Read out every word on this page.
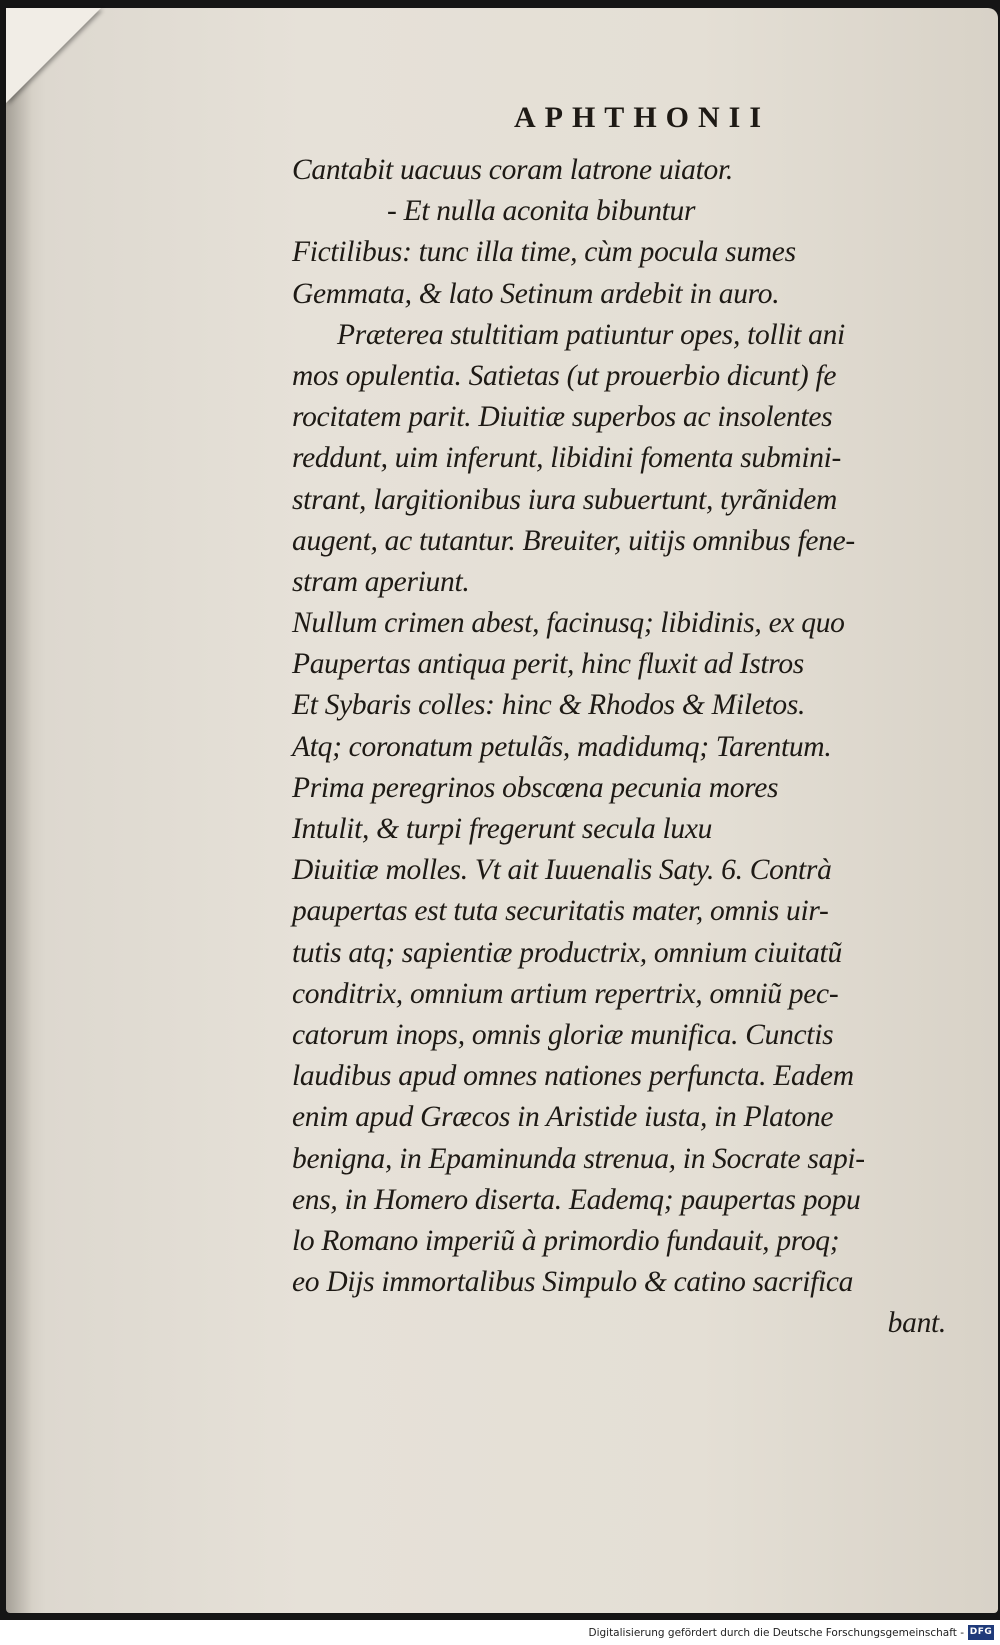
APHTHONII
Cantabit uacuus coram latrone uiator.
- Et nulla aconita bibuntur
Fictilibus: tunc illa time, cùm pocula sumes
Gemmata, & lato Setinum ardebit in auro.
Præterea stultitiam patiuntur opes, tollit ani
mos opulentia. Satietas (ut prouerbio dicunt) fe
rocitatem parit. Diuitiæ superbos ac insolentes
reddunt, uim inferunt, libidini fomenta submini-
strant, largitionibus iura subuertunt, tyrãnidem
augent, ac tutantur. Breuiter, uitijs omnibus fene-
stram aperiunt.
Nullum crimen abest, facinusq; libidinis, ex quo
Paupertas antiqua perit, hinc fluxit ad Istros
Et Sybaris colles: hinc & Rhodos & Miletos.
Atq; coronatum petulãs, madidumq; Tarentum.
Prima peregrinos obscœna pecunia mores
Intulit, & turpi fregerunt secula luxu
Diuitiæ molles. Vt ait Iuuenalis Saty. 6. Contrà
paupertas est tuta securitatis mater, omnis uir-
tutis atq; sapientiæ productrix, omnium ciuitatũ
conditrix, omnium artium repertrix, omniũ pec-
catorum inops, omnis gloriæ munifica. Cunctis
laudibus apud omnes nationes perfuncta. Eadem
enim apud Græcos in Aristide iusta, in Platone
benigna, in Epaminunda strenua, in Socrate sapi-
ens, in Homero diserta. Eademq; paupertas popu
lo Romano imperiũ à primordio fundauit, proq;
eo Dijs immortalibus Simpulo & catino sacrifica
bant.
Digitalisierung gefördert durch die Deutsche Forschungsgemeinschaft - DFG
